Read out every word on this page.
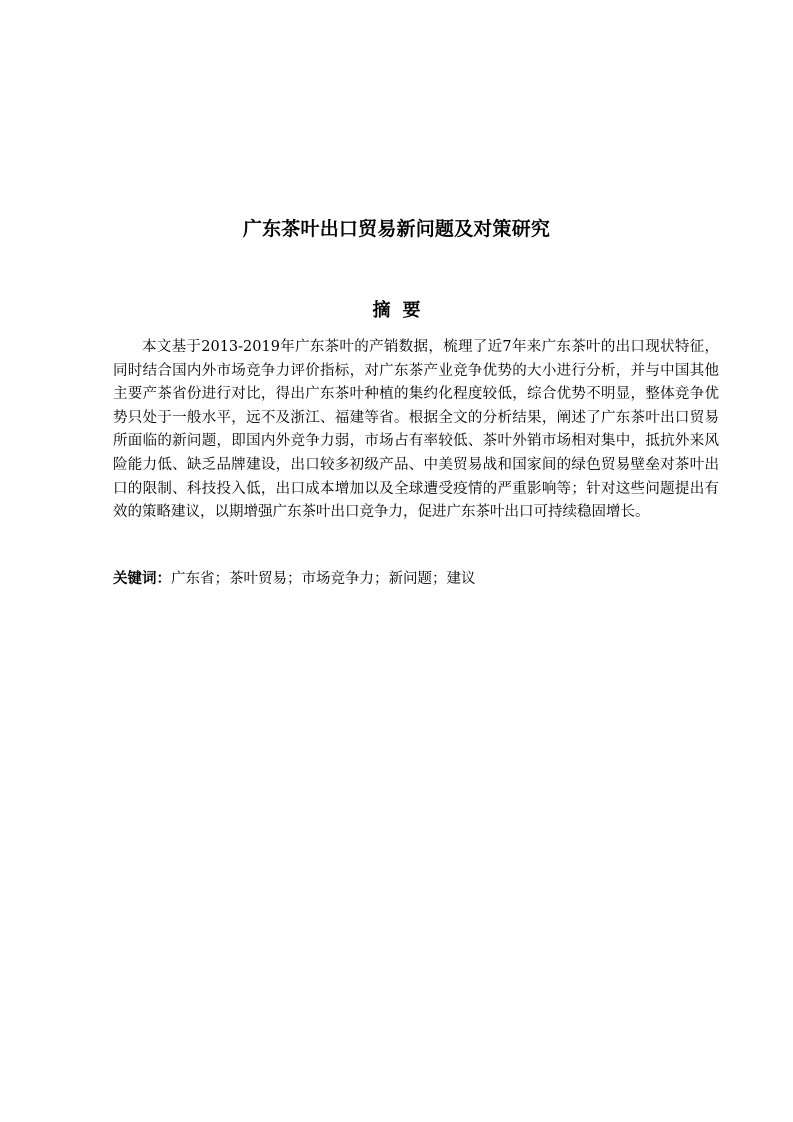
广东茶叶出口贸易新问题及对策研究
摘要

本文基于2013-2019年广东茶叶的产销数据，梳理了近7年来广东茶叶的出口现状特征，同时结合国内外市场竞争力评价指标，对广东茶产业竞争优势的大小进行分析，并与中国其他主要产茶省份进行对比，得出广东茶叶种植的集约化程度较低，综合优势不明显，整体竞争优势只处于一般水平，远不及浙江、福建等省。根据全文的分析结果，阐述了广东茶叶出口贸易所面临的新问题，即国内外竞争力弱，市场占有率较低、茶叶外销市场相对集中，抵抗外来风险能力低、缺乏品牌建设，出口较多初级产品、中美贸易战和国家间的绿色贸易壁垒对茶叶出口的限制、科技投入低，出口成本增加以及全球遭受疫情的严重影响等；针对这些问题提出有效的策略建议，以期增强广东茶叶出口竞争力，促进广东茶叶出口可持续稳固增长。

关键词：广东省；茶叶贸易；市场竞争力；新问题；建议
